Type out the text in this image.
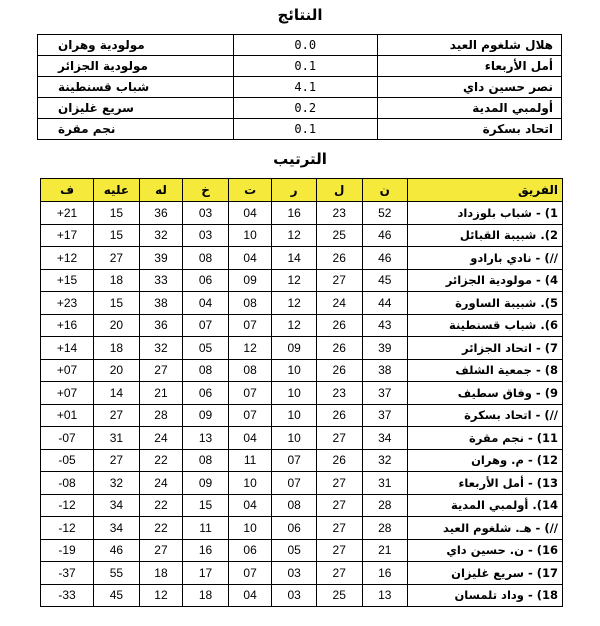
النتائج
هلال شلغوم العيد	0.0	مولودية وهران
أمل الأربعاء	0.1	مولودية الجزائر
نصر حسين داي	4.1	شباب قسنطينة
أولمبي المدية	0.2	سريع غليزان
اتحاد بسكرة	0.1	نجم مقرة
الترتيب
الفريق	ن	ل	ر	ت	خ	له	عليه	ف
1) - شباب بلوزداد	52	23	16	04	03	36	15	+21
2). شبيبة القبائل	46	25	12	10	03	32	15	+17
//) - نادي بارادو	46	26	14	04	08	39	27	+12
4) - مولودية الجزائر	45	27	12	09	06	33	18	+15
5). شبيبة الساورة	44	24	12	08	04	38	15	+23
6). شباب قسنطينة	43	26	12	07	07	36	20	+16
7) - اتحاد الجزائر	39	26	09	12	05	32	18	+14
8) - جمعية الشلف	38	26	10	08	08	27	20	+07
9) - وفاق سطيف	37	23	10	07	06	21	14	+07
//) - اتحاد بسكرة	37	26	10	07	09	28	27	+01
11) - نجم مقرة	34	27	10	04	13	24	31	-07
12) - م. وهران	32	26	07	11	08	22	27	-05
13) - أمل الأربعاء	31	27	07	10	09	24	32	-08
14). أولمبي المدية	28	27	08	04	15	22	34	-12
//) - هـ. شلغوم العيد	28	27	06	10	11	22	34	-12
16) - ن. حسين داي	21	27	05	06	16	27	46	-19
17) - سريع غليزان	16	27	03	07	17	18	55	-37
18) - وداد تلمسان	13	25	03	04	18	12	45	-33
